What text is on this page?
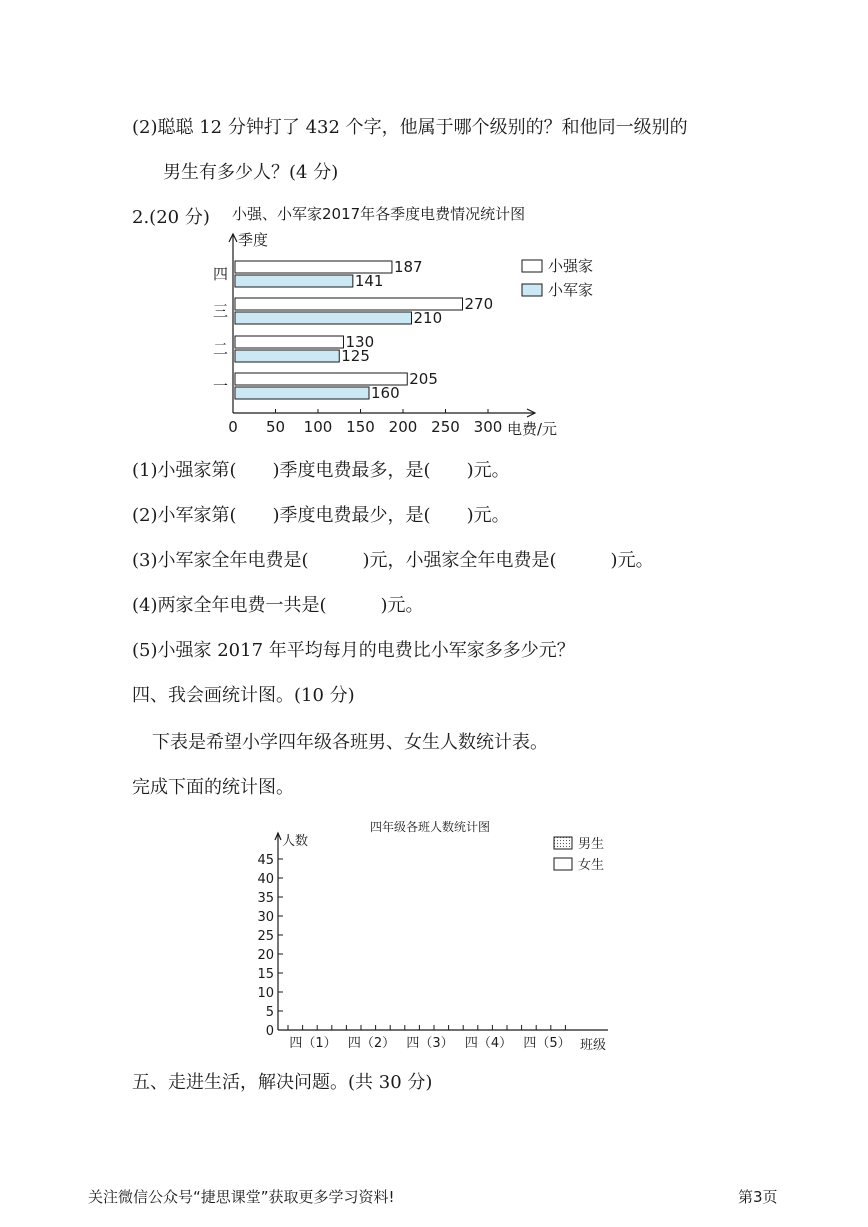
(2)聪聪 12 分钟打了 432 个字，他属于哪个级别的？和他同一级别的
男生有多少人？(4 分)
2.(20 分) 小强、小军家2017年各季度电费情况统计图
季度
0 50 100 150 200 250 300 电费/元
一	205
160
二	130
125
三	270
210
四	187
141
小强家
小军家
(1)小强家第(　　)季度电费最多，是(　　)元。
(2)小军家第(　　)季度电费最少，是(　　)元。
(3)小军家全年电费是(　　　)元，小强家全年电费是(　　　)元。
(4)两家全年电费一共是(　　　)元。
(5)小强家 2017 年平均每月的电费比小军家多多少元？
四、我会画统计图。(10 分)
下表是希望小学四年级各班男、女生人数统计表。
完成下面的统计图。
四年级各班人数统计图
人数
0
5
10
15
20
25
30
35
40
45
四（1） 四（2） 四（3） 四（4） 四（5） 班级
男生
女生
五、走进生活，解决问题。(共 30 分)
关注微信公众号“捷思课堂”获取更多学习资料!	第3页
